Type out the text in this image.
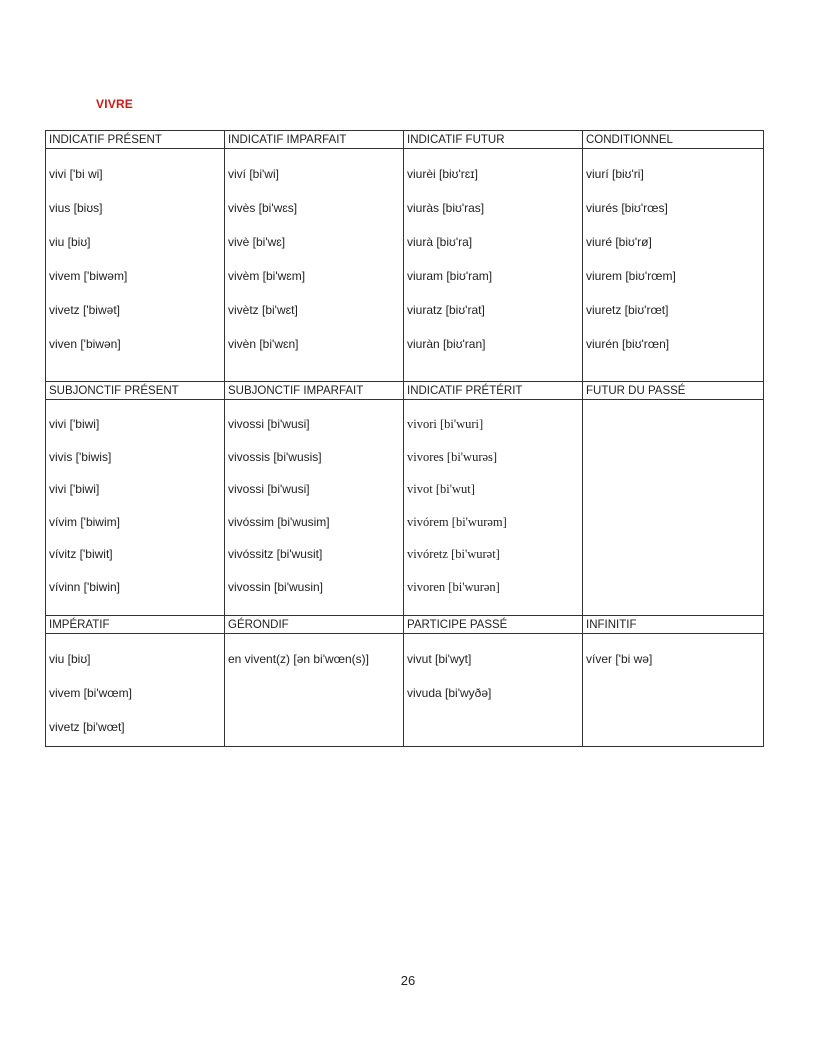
VIVRE
INDICATIF PRÉSENT
vivi ['bi wi]
vius [biʊs]
viu [biʊ]
vivem ['biwəm]
vivetz ['biwət]
viven ['biwən]
INDICATIF IMPARFAIT
viví [bi'wi]
vivès [bi'wɛs]
vivè [bi'wɛ]
vivèm [bi'wɛm]
vivètz [bi'wɛt]
vivèn [bi'wɛn]
INDICATIF FUTUR
viurèi [biʊ'rɛɪ]
viuràs [biʊ'ras]
viurà [biʊ'ra]
viuram [biʊ'ram]
viuratz [biʊ'rat]
viuràn [biʊ'ran]
CONDITIONNEL
viurí [biʊ'ri]
viurés [biʊ'rœs]
viuré [biʊ'rø]
viurem [biʊ'rœm]
viuretz [biʊ'rœt]
viurén [biʊ'rœn]
SUBJONCTIF PRÉSENT
vivi ['biwi]
vivis ['biwis]
vivi ['biwi]
vívim ['biwim]
vívitz ['biwit]
vívinn ['biwin]
SUBJONCTIF IMPARFAIT
vivossi [bi'wusi]
vivossis [bi'wusis]
vivossi [bi'wusi]
vivóssim [bi'wusim]
vivóssitz [bi'wusit]
vivossin [bi'wusin]
INDICATIF PRÉTÉRIT
vivori [bi'wuri]
vivores [bi'wurəs]
vivot [bi'wut]
vivórem [bi'wurəm]
vivóretz [bi'wurət]
vivoren [bi'wurən]
FUTUR DU PASSÉ
IMPÉRATIF
viu [biʊ]
vivem [bi'wœm]
vivetz [bi'wœt]
GÉRONDIF
en vivent(z) [ən bi'wœn(s)]
PARTICIPE PASSÉ
vivut [bi'wyt]
vivuda [bi'wyðə]
INFINITIF
víver ['bi wə]
26
